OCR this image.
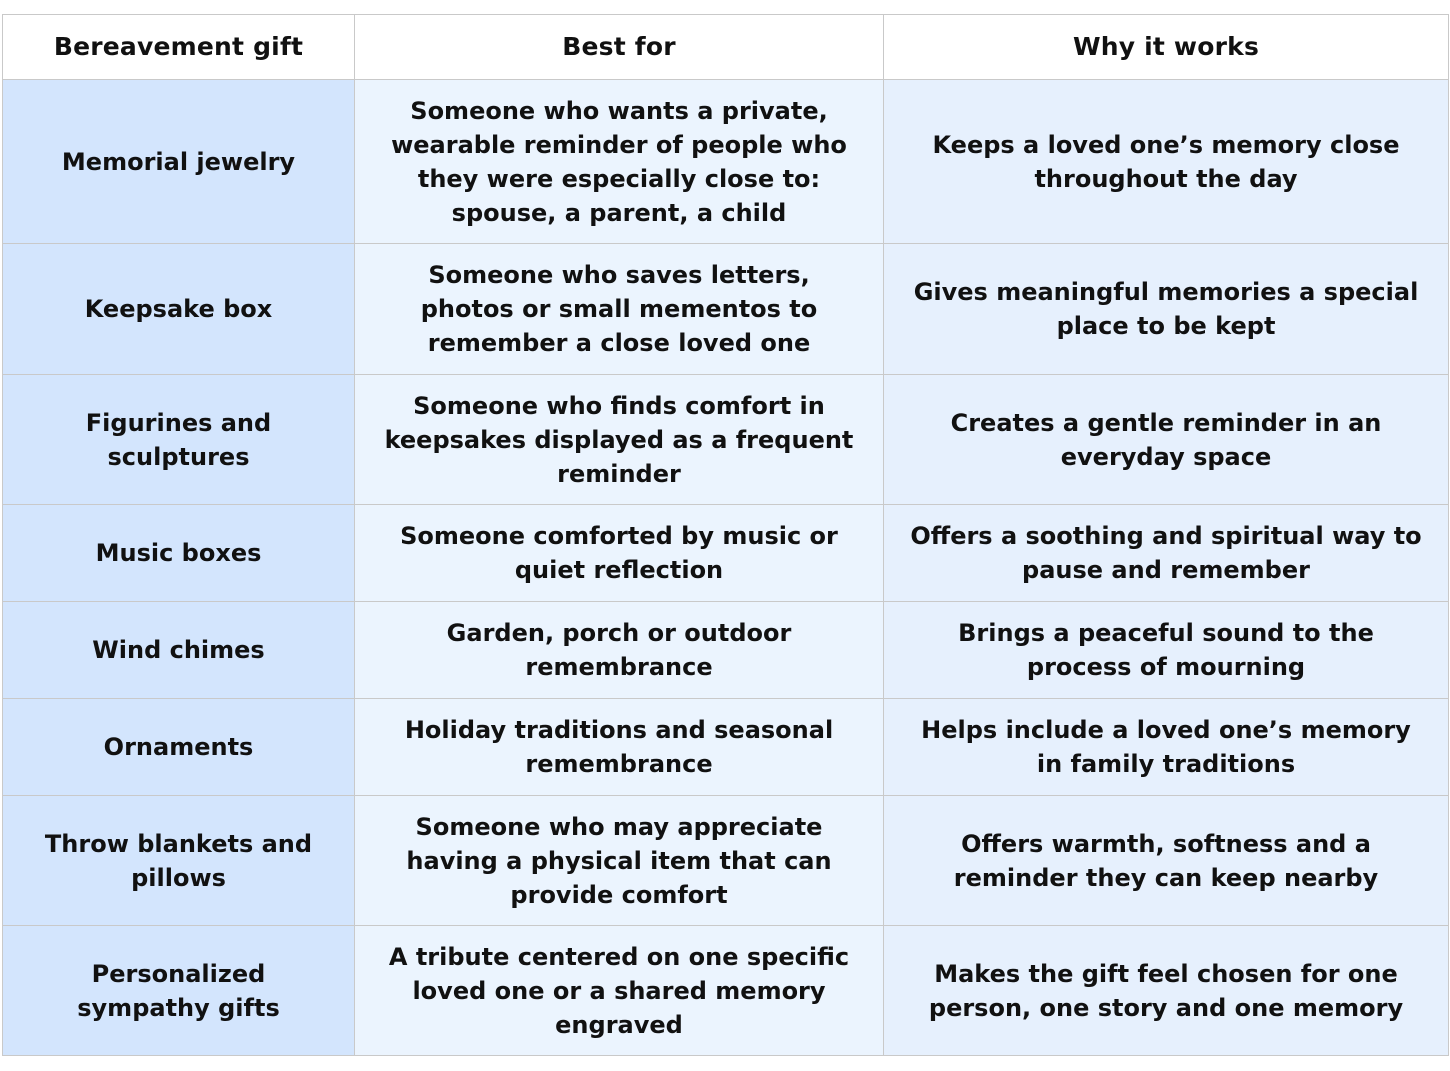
Bereavement gift	Best for	Why it works
Memorial jewelry	Someone who wants a private, wearable reminder of people who they were especially close to: spouse, a parent, a child	Keeps a loved one’s memory close throughout the day
Keepsake box	Someone who saves letters, photos or small mementos to remember a close loved one	Gives meaningful memories a special place to be kept
Figurines and sculptures	Someone who finds comfort in keepsakes displayed as a frequent reminder	Creates a gentle reminder in an everyday space
Music boxes	Someone comforted by music or quiet reflection	Offers a soothing and spiritual way to pause and remember
Wind chimes	Garden, porch or outdoor remembrance	Brings a peaceful sound to the process of mourning
Ornaments	Holiday traditions and seasonal remembrance	Helps include a loved one’s memory in family traditions
Throw blankets and pillows	Someone who may appreciate having a physical item that can provide comfort	Offers warmth, softness and a reminder they can keep nearby
Personalized sympathy gifts	A tribute centered on one specific loved one or a shared memory engraved	Makes the gift feel chosen for one person, one story and one memory
